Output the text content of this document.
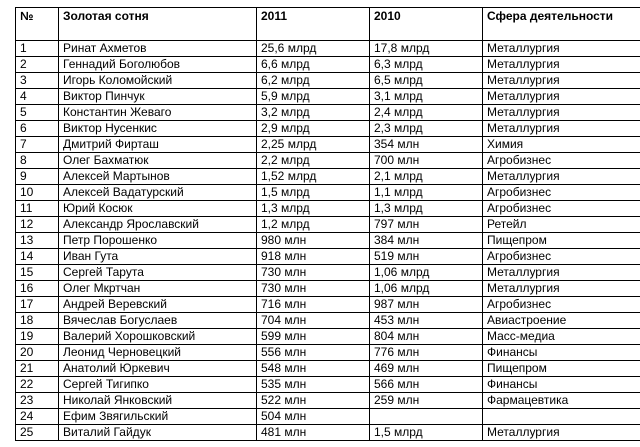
№	Золотая сотня	2011	2010	Сфера деятельности
1	Ринат Ахметов	25,6 млрд	17,8 млрд	Металлургия
2	Геннадий Боголюбов	6,6 млрд	6,3 млрд	Металлургия
3	Игорь Коломойский	6,2 млрд	6,5 млрд	Металлургия
4	Виктор Пинчук	5,9 млрд	3,1 млрд	Металлургия
5	Константин Жеваго	3,2 млрд	2,4 млрд	Металлургия
6	Виктор Нусенкис	2,9 млрд	2,3 млрд	Металлургия
7	Дмитрий Фирташ	2,25 млрд	354 млн	Химия
8	Олег Бахматюк	2,2 млрд	700 млн	Агробизнес
9	Алексей Мартынов	1,52 млрд	2,1 млрд	Металлургия
10	Алексей Вадатурский	1,5 млрд	1,1 млрд	Агробизнес
11	Юрий Косюк	1,3 млрд	1,3 млрд	Агробизнес
12	Александр Ярославский	1,2 млрд	797 млн	Ретейл
13	Петр Порошенко	980 млн	384 млн	Пищепром
14	Иван Гута	918 млн	519 млн	Агробизнес
15	Сергей Тарута	730 млн	1,06 млрд	Металлургия
16	Олег Мкртчан	730 млн	1,06 млрд	Металлургия
17	Андрей Веревский	716 млн	987 млн	Агробизнес
18	Вячеслав Богуслаев	704 млн	453 млн	Авиастроение
19	Валерий Хорошковский	599 млн	804 млн	Масс-медиа
20	Леонид Черновецкий	556 млн	776 млн	Финансы
21	Анатолий Юркевич	548 млн	469 млн	Пищепром
22	Сергей Тигипко	535 млн	566 млн	Финансы
23	Николай Янковский	522 млн	259 млн	Фармацевтика
24	Ефим Звягильский	504 млн		
25	Виталий Гайдук	481 млн	1,5 млрд	Металлургия
